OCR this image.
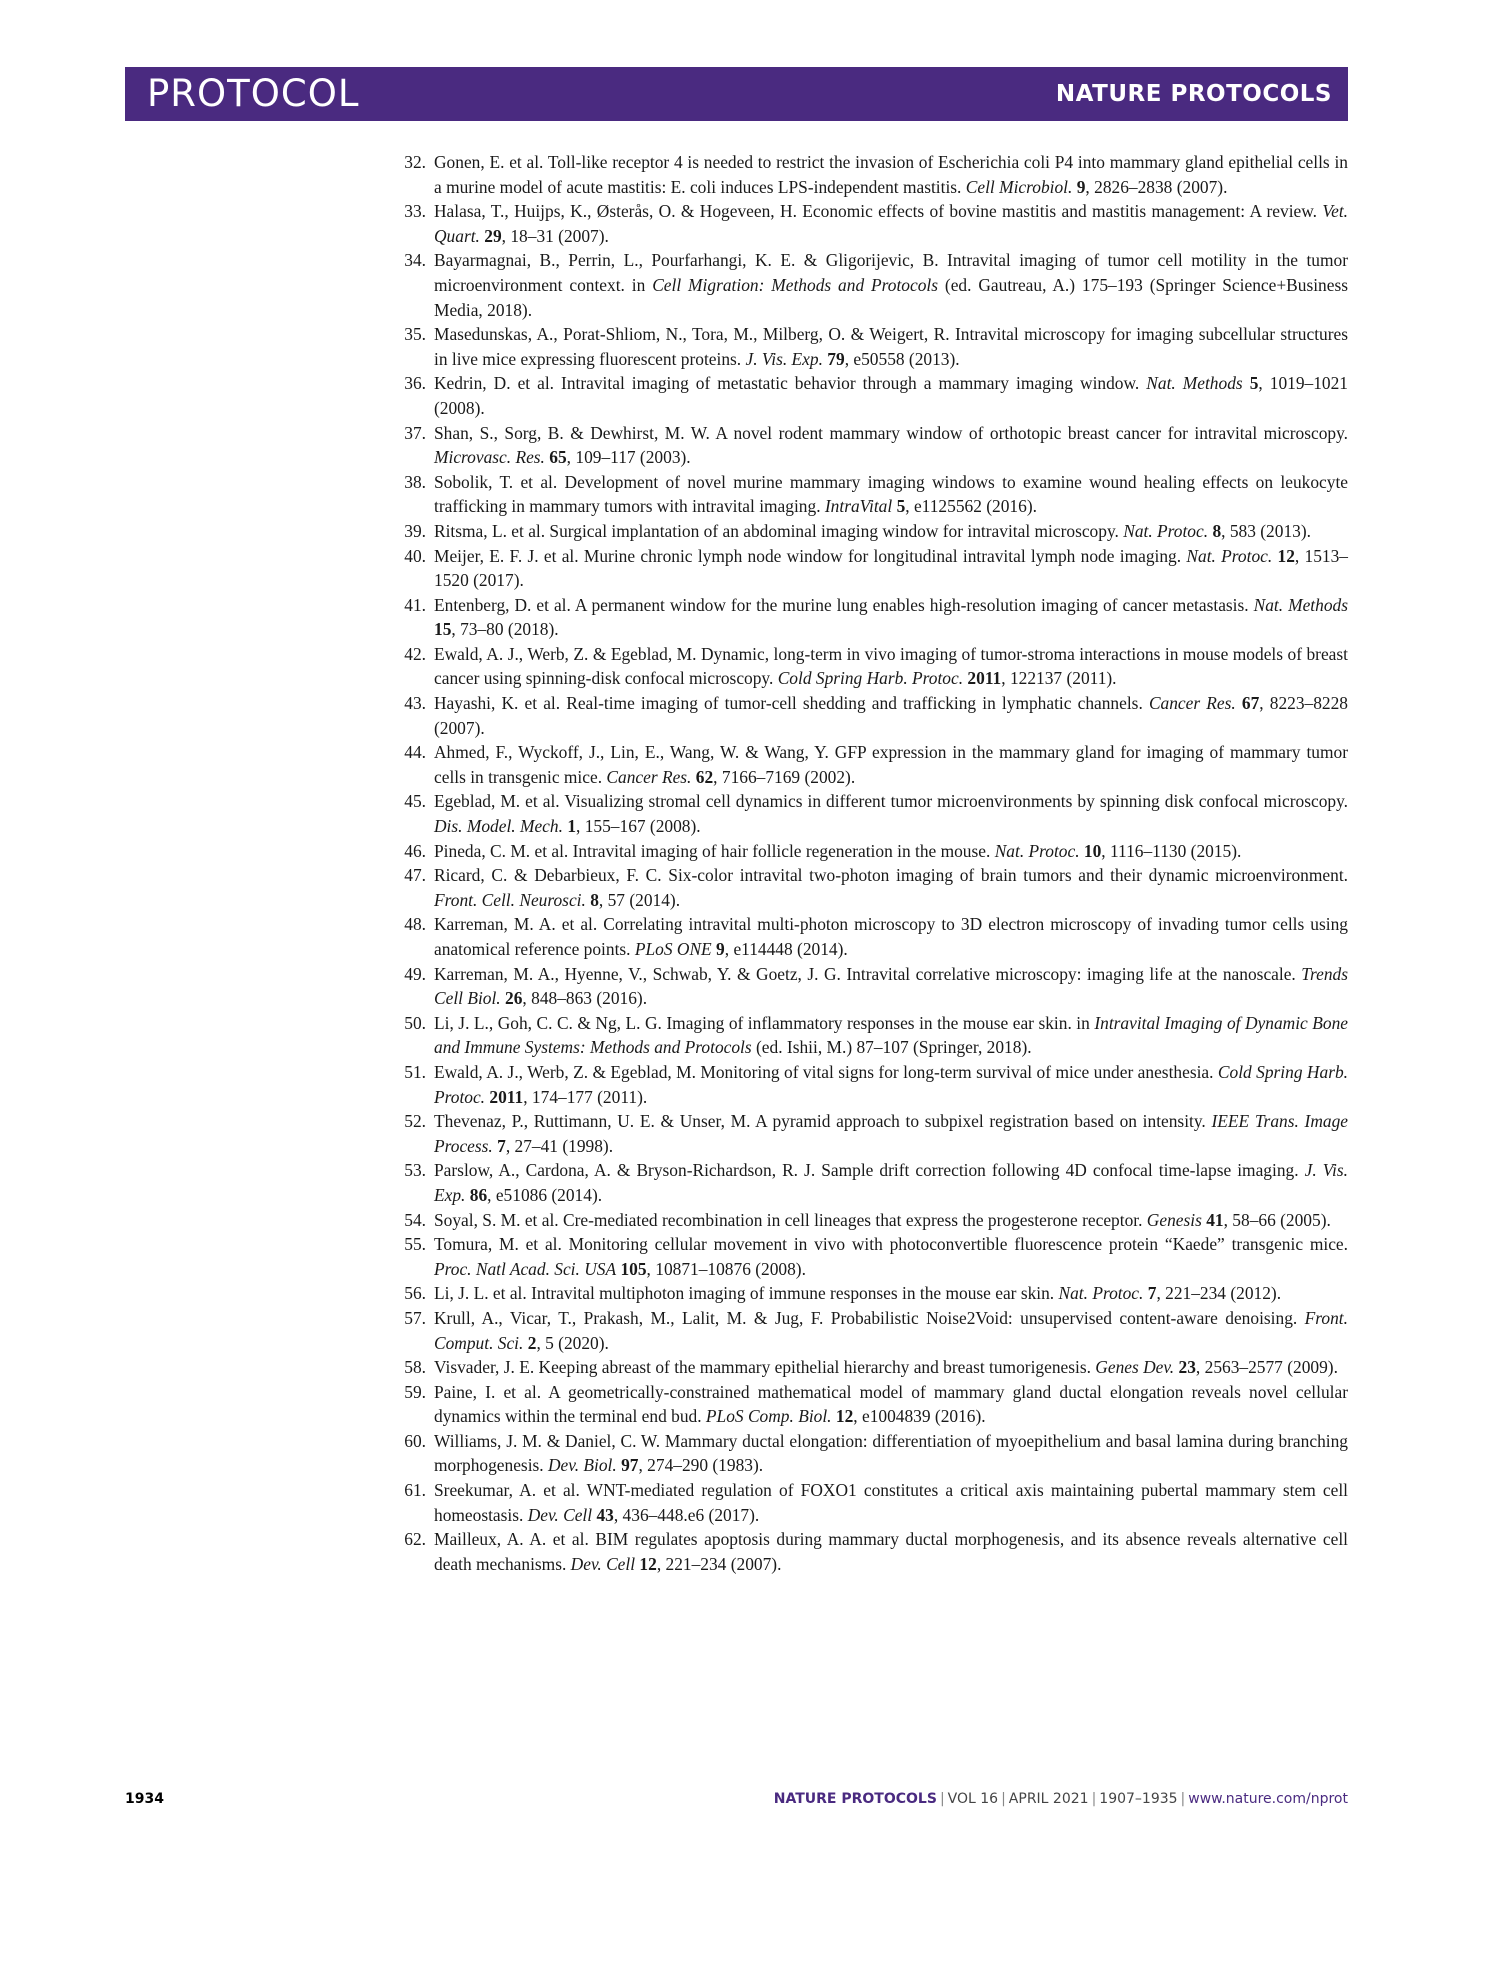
PROTOCOL	NATURE PROTOCOLS
32. Gonen, E. et al. Toll-like receptor 4 is needed to restrict the invasion of Escherichia coli P4 into mammary gland epithelial cells in a murine model of acute mastitis: E. coli induces LPS-independent mastitis. Cell Microbiol. 9, 2826–2838 (2007).
33. Halasa, T., Huijps, K., Østerås, O. & Hogeveen, H. Economic effects of bovine mastitis and mastitis management: A review. Vet. Quart. 29, 18–31 (2007).
34. Bayarmagnai, B., Perrin, L., Pourfarhangi, K. E. & Gligorijevic, B. Intravital imaging of tumor cell motility in the tumor microenvironment context. in Cell Migration: Methods and Protocols (ed. Gautreau, A.) 175–193 (Springer Science+Business Media, 2018).
35. Masedunskas, A., Porat-Shliom, N., Tora, M., Milberg, O. & Weigert, R. Intravital microscopy for imaging subcellular structures in live mice expressing fluorescent proteins. J. Vis. Exp. 79, e50558 (2013).
36. Kedrin, D. et al. Intravital imaging of metastatic behavior through a mammary imaging window. Nat. Methods 5, 1019–1021 (2008).
37. Shan, S., Sorg, B. & Dewhirst, M. W. A novel rodent mammary window of orthotopic breast cancer for intravital microscopy. Microvasc. Res. 65, 109–117 (2003).
38. Sobolik, T. et al. Development of novel murine mammary imaging windows to examine wound healing effects on leukocyte trafficking in mammary tumors with intravital imaging. IntraVital 5, e1125562 (2016).
39. Ritsma, L. et al. Surgical implantation of an abdominal imaging window for intravital microscopy. Nat. Protoc. 8, 583 (2013).
40. Meijer, E. F. J. et al. Murine chronic lymph node window for longitudinal intravital lymph node imaging. Nat. Protoc. 12, 1513–1520 (2017).
41. Entenberg, D. et al. A permanent window for the murine lung enables high-resolution imaging of cancer metastasis. Nat. Methods 15, 73–80 (2018).
42. Ewald, A. J., Werb, Z. & Egeblad, M. Dynamic, long-term in vivo imaging of tumor-stroma interactions in mouse models of breast cancer using spinning-disk confocal microscopy. Cold Spring Harb. Protoc. 2011, 122137 (2011).
43. Hayashi, K. et al. Real-time imaging of tumor-cell shedding and trafficking in lymphatic channels. Cancer Res. 67, 8223–8228 (2007).
44. Ahmed, F., Wyckoff, J., Lin, E., Wang, W. & Wang, Y. GFP expression in the mammary gland for imaging of mammary tumor cells in transgenic mice. Cancer Res. 62, 7166–7169 (2002).
45. Egeblad, M. et al. Visualizing stromal cell dynamics in different tumor microenvironments by spinning disk confocal microscopy. Dis. Model. Mech. 1, 155–167 (2008).
46. Pineda, C. M. et al. Intravital imaging of hair follicle regeneration in the mouse. Nat. Protoc. 10, 1116–1130 (2015).
47. Ricard, C. & Debarbieux, F. C. Six-color intravital two-photon imaging of brain tumors and their dynamic microenvironment. Front. Cell. Neurosci. 8, 57 (2014).
48. Karreman, M. A. et al. Correlating intravital multi-photon microscopy to 3D electron microscopy of invading tumor cells using anatomical reference points. PLoS ONE 9, e114448 (2014).
49. Karreman, M. A., Hyenne, V., Schwab, Y. & Goetz, J. G. Intravital correlative microscopy: imaging life at the nanoscale. Trends Cell Biol. 26, 848–863 (2016).
50. Li, J. L., Goh, C. C. & Ng, L. G. Imaging of inflammatory responses in the mouse ear skin. in Intravital Imaging of Dynamic Bone and Immune Systems: Methods and Protocols (ed. Ishii, M.) 87–107 (Springer, 2018).
51. Ewald, A. J., Werb, Z. & Egeblad, M. Monitoring of vital signs for long-term survival of mice under anesthesia. Cold Spring Harb. Protoc. 2011, 174–177 (2011).
52. Thevenaz, P., Ruttimann, U. E. & Unser, M. A pyramid approach to subpixel registration based on intensity. IEEE Trans. Image Process. 7, 27–41 (1998).
53. Parslow, A., Cardona, A. & Bryson-Richardson, R. J. Sample drift correction following 4D confocal time-lapse imaging. J. Vis. Exp. 86, e51086 (2014).
54. Soyal, S. M. et al. Cre-mediated recombination in cell lineages that express the progesterone receptor. Genesis 41, 58–66 (2005).
55. Tomura, M. et al. Monitoring cellular movement in vivo with photoconvertible fluorescence protein “Kaede” transgenic mice. Proc. Natl Acad. Sci. USA 105, 10871–10876 (2008).
56. Li, J. L. et al. Intravital multiphoton imaging of immune responses in the mouse ear skin. Nat. Protoc. 7, 221–234 (2012).
57. Krull, A., Vicar, T., Prakash, M., Lalit, M. & Jug, F. Probabilistic Noise2Void: unsupervised content-aware denoising. Front. Comput. Sci. 2, 5 (2020).
58. Visvader, J. E. Keeping abreast of the mammary epithelial hierarchy and breast tumorigenesis. Genes Dev. 23, 2563–2577 (2009).
59. Paine, I. et al. A geometrically-constrained mathematical model of mammary gland ductal elongation reveals novel cellular dynamics within the terminal end bud. PLoS Comp. Biol. 12, e1004839 (2016).
60. Williams, J. M. & Daniel, C. W. Mammary ductal elongation: differentiation of myoepithelium and basal lamina during branching morphogenesis. Dev. Biol. 97, 274–290 (1983).
61. Sreekumar, A. et al. WNT-mediated regulation of FOXO1 constitutes a critical axis maintaining pubertal mammary stem cell homeostasis. Dev. Cell 43, 436–448.e6 (2017).
62. Mailleux, A. A. et al. BIM regulates apoptosis during mammary ductal morphogenesis, and its absence reveals alternative cell death mechanisms. Dev. Cell 12, 221–234 (2007).
1934	NATURE PROTOCOLS | VOL 16 | APRIL 2021 | 1907–1935 | www.nature.com/nprot
